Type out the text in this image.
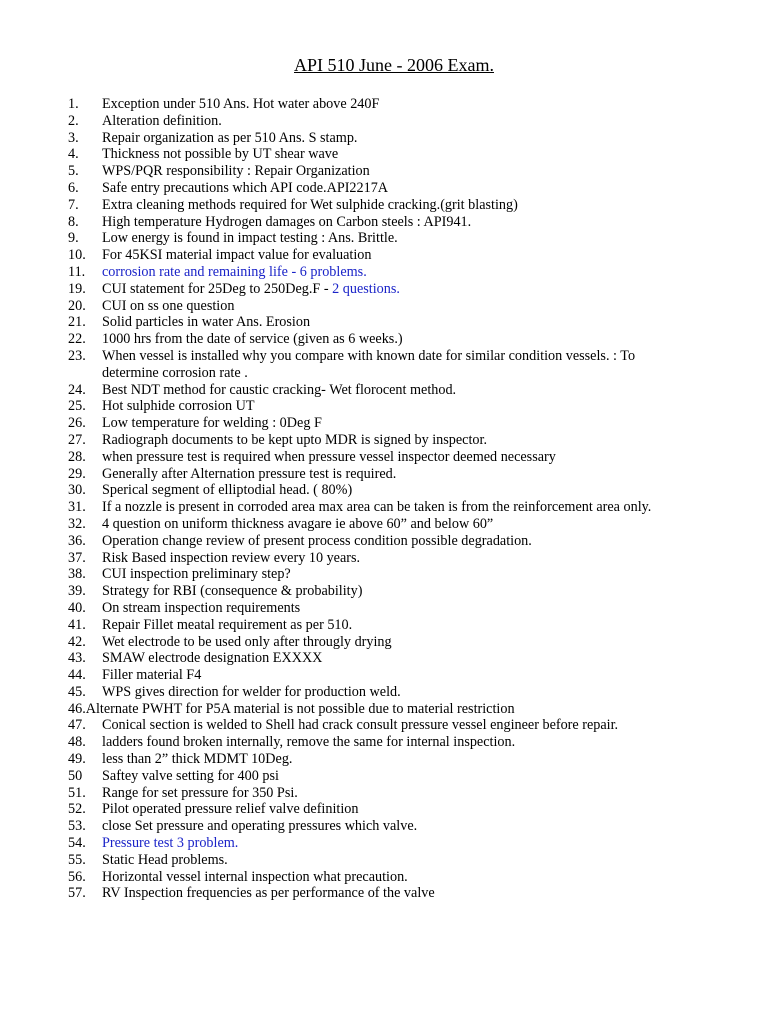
API 510 June - 2006 Exam.
1.	Exception under 510 Ans. Hot water above 240F
2.	Alteration definition.
3.	Repair organization as per 510 Ans. S stamp.
4.	Thickness not possible by UT shear wave
5.	WPS/PQR responsibility : Repair Organization
6.	Safe entry precautions which API code.API2217A
7.	Extra cleaning methods required for Wet sulphide cracking.(grit blasting)
8.	High temperature Hydrogen damages on Carbon steels : API941.
9.	Low energy is found in impact testing : Ans. Brittle.
10.	For 45KSI material impact value for evaluation
11.	corrosion rate and remaining life - 6 problems.
19.	CUI statement for 25Deg to 250Deg.F - 2 questions.
20.	CUI on ss one question
21.	Solid particles in water Ans. Erosion
22.	1000 hrs from the date of service (given as 6 weeks.)
23.	When vessel is installed why you compare with known date for similar condition vessels. : To determine corrosion rate .
24.	Best NDT method for caustic cracking- Wet florocent method.
25.	Hot sulphide corrosion UT
26.	Low temperature for welding : 0Deg F
27.	Radiograph documents to be kept upto MDR is signed by inspector.
28.	when pressure test is required when pressure vessel inspector deemed necessary
29.	Generally after Alternation pressure test is required.
30.	Sperical segment of elliptodial head. ( 80%)
31.	If a nozzle is present in corroded area max area can be taken is from the reinforcement area only.
32.	4 question on uniform thickness avagare ie above 60” and below 60”
36.	Operation change review of present process condition possible degradation.
37.	Risk Based inspection review every 10 years.
38.	CUI inspection preliminary step?
39.	Strategy for RBI (consequence & probability)
40.	On stream inspection requirements
41.	Repair Fillet meatal requirement as per 510.
42.	Wet electrode to be used only after througly drying
43.	SMAW electrode designation EXXXX
44.	Filler material F4
45.	WPS gives direction for welder for production weld.
46. Alternate PWHT for P5A material is not possible due to material restriction
47.	Conical section is welded to Shell had crack consult pressure vessel engineer before repair.
48.	ladders found broken internally, remove the same for internal inspection.
49.	less than 2” thick MDMT 10Deg.
50	Saftey valve setting for 400 psi
51.	Range for set pressure for 350 Psi.
52.	Pilot operated pressure relief valve definition
53.	close Set pressure and operating pressures which valve.
54.	Pressure test 3 problem.
55.	Static Head problems.
56.	Horizontal vessel internal inspection what precaution.
57.	RV Inspection frequencies as per performance of the valve
